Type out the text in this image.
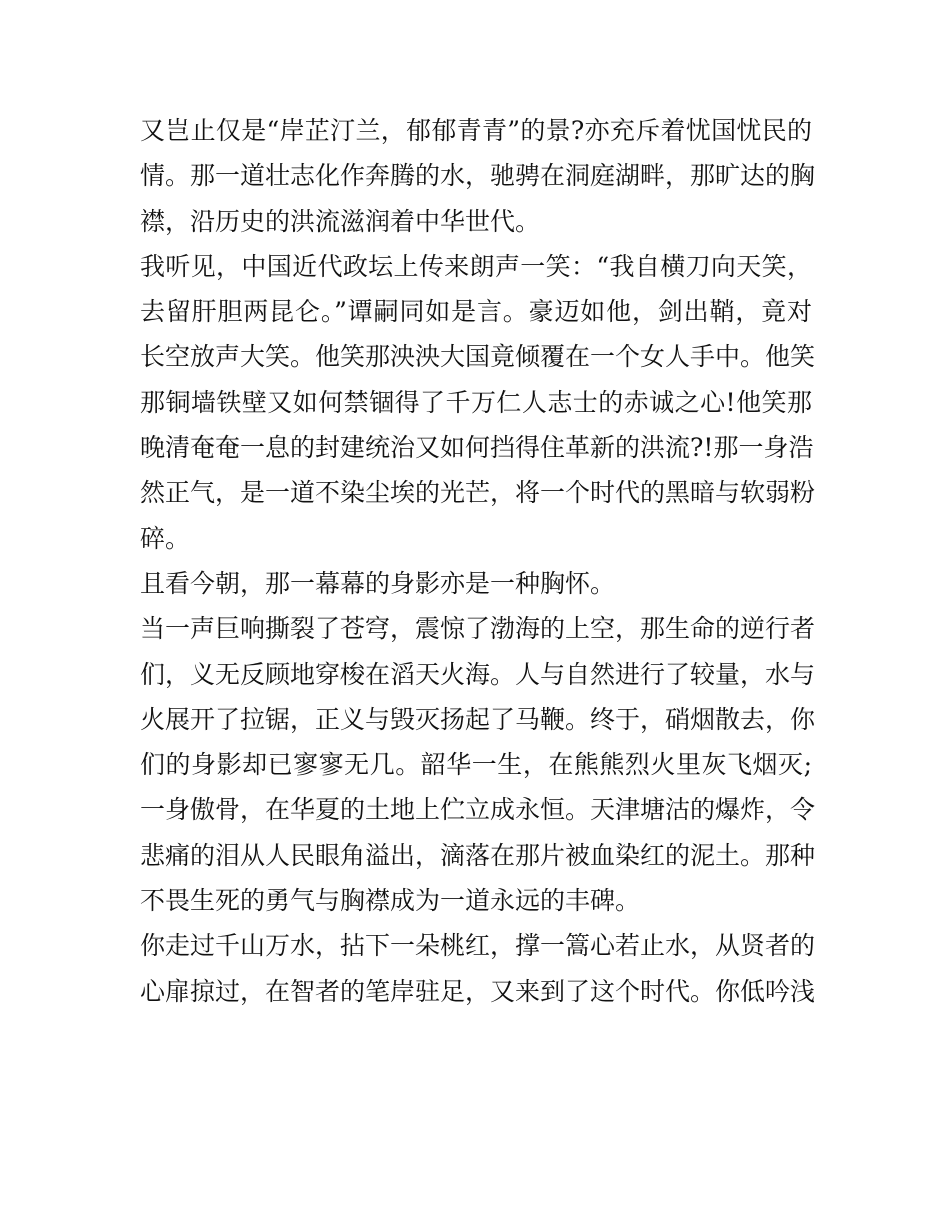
又岂止仅是“岸芷汀兰，郁郁青青”的景?亦充斥着忧国忧民的
情。那一道壮志化作奔腾的水，驰骋在洞庭湖畔，那旷达的胸
襟，沿历史的洪流滋润着中华世代。
我听见，中国近代政坛上传来朗声一笑：“我自横刀向天笑，
去留肝胆两昆仑。”谭嗣同如是言。豪迈如他，剑出鞘，竟对
长空放声大笑。他笑那泱泱大国竟倾覆在一个女人手中。他笑
那铜墙铁壁又如何禁锢得了千万仁人志士的赤诚之心!他笑那
晚清奄奄一息的封建统治又如何挡得住革新的洪流?!那一身浩
然正气，是一道不染尘埃的光芒，将一个时代的黑暗与软弱粉
碎。
且看今朝，那一幕幕的身影亦是一种胸怀。
当一声巨响撕裂了苍穹，震惊了渤海的上空，那生命的逆行者
们，义无反顾地穿梭在滔天火海。人与自然进行了较量，水与
火展开了拉锯，正义与毁灭扬起了马鞭。终于，硝烟散去，你
们的身影却已寥寥无几。韶华一生，在熊熊烈火里灰飞烟灭;
一身傲骨，在华夏的土地上伫立成永恒。天津塘沽的爆炸，令
悲痛的泪从人民眼角溢出，滴落在那片被血染红的泥土。那种
不畏生死的勇气与胸襟成为一道永远的丰碑。
你走过千山万水，拈下一朵桃红，撑一篙心若止水，从贤者的
心扉掠过，在智者的笔岸驻足，又来到了这个时代。你低吟浅
